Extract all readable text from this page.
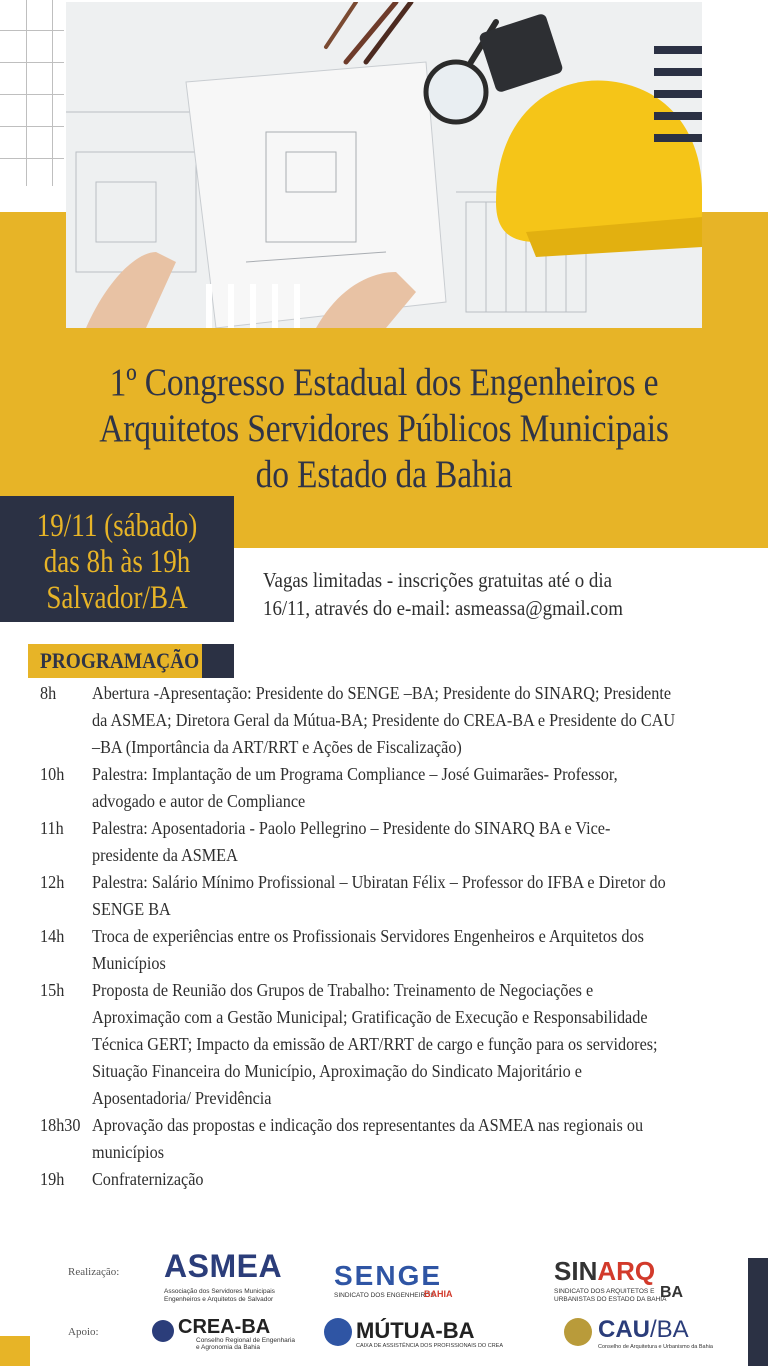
1º Congresso Estadual dos Engenheiros e
Arquitetos Servidores Públicos Municipais
do Estado da Bahia
19/11 (sábado)
das 8h às 19h
Salvador/BA	Vagas limitadas - inscrições gratuitas até o dia
16/11, através do e-mail: asmeassa@gmail.com
PROGRAMAÇÃO
8h Abertura -Apresentação: Presidente do SENGE –BA; Presidente do SINARQ; Presidente
da ASMEA; Diretora Geral da Mútua-BA; Presidente do CREA-BA e Presidente do CAU
–BA (Importância da ART/RRT e Ações de Fiscalização)
10h Palestra: Implantação de um Programa Compliance – José Guimarães- Professor,
advogado e autor de Compliance
11h Palestra: Aposentadoria - Paolo Pellegrino – Presidente do SINARQ BA e Vice-
presidente da ASMEA
12h Palestra: Salário Mínimo Profissional – Ubiratan Félix – Professor do IFBA e Diretor do
SENGE BA
14h Troca de experiências entre os Profissionais Servidores Engenheiros e Arquitetos dos
Municípios
15h Proposta de Reunião dos Grupos de Trabalho: Treinamento de Negociações e
Aproximação com a Gestão Municipal; Gratificação de Execução e Responsabilidade
Técnica GERT; Impacto da emissão de ART/RRT de cargo e função para os servidores;
Situação Financeira do Município, Aproximação do Sindicato Majoritário e
Aposentadoria/ Previdência
18h30 Aprovação das propostas e indicação dos representantes da ASMEA nas regionais ou
municípios
19h Confraternização
Realização:
Apoio:
ASMEA
Associação dos Servidores Municipais
Engenheiros e Arquitetos de Salvador
SENGE
SINDICATO DOS ENGENHEIROS
BAHIA
SINARQ
SINDICATO DOS ARQUITETOS E
URBANISTAS DO ESTADO DA BAHIA
BA
CREA-BA
Conselho Regional de Engenharia
e Agronomia da Bahia
MÚTUA-BA
CAIXA DE ASSISTÊNCIA DOS PROFISSIONAIS DO CREA
CAU/BA
Conselho de Arquitetura e Urbanismo da Bahia
